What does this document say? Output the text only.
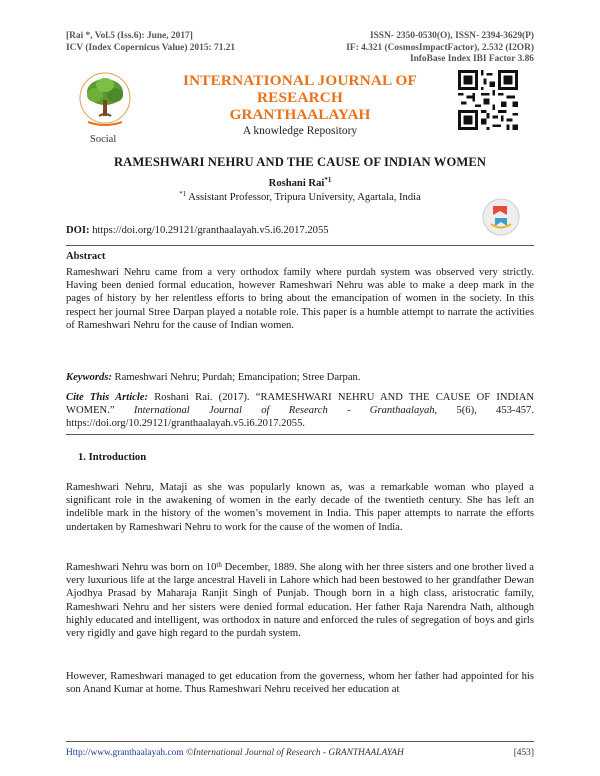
[Rai *, Vol.5 (Iss.6): June, 2017]
ICV (Index Copernicus Value) 2015: 71.21
ISSN- 2350-0530(O), ISSN- 2394-3629(P)
IF: 4.321 (CosmosImpactFactor), 2.532 (I2OR)
InfoBase Index IBI Factor 3.86
Social
INTERNATIONAL JOURNAL OF RESEARCH
GRANTHAALAYAH
A knowledge Repository
RAMESHWARI NEHRU AND THE CAUSE OF INDIAN WOMEN
Roshani Rai$^{*1}$
$^{*1}$ Assistant Professor, Tripura University, Agartala, India
DOI: https://doi.org/10.29121/granthaalayah.v5.i6.2017.2055
Abstract
Rameshwari Nehru came from a very orthodox family where purdah system was observed very strictly. Having been denied formal education, however Rameshwari Nehru was able to make a deep mark in the pages of history by her relentless efforts to bring about the emancipation of women in the society. In this respect her journal Stree Darpan played a notable role. This paper is a humble attempt to narrate the activities of Rameshwari Nehru for the cause of Indian women.
Keywords: Rameshwari Nehru; Purdah; Emancipation; Stree Darpan.
Cite This Article: Roshani Rai. (2017). “RAMESHWARI NEHRU AND THE CAUSE OF INDIAN WOMEN.” International Journal of Research - Granthaalayah, 5(6), 453-457. https://doi.org/10.29121/granthaalayah.v5.i6.2017.2055.
1. Introduction
Rameshwari Nehru, Mataji as she was popularly known as, was a remarkable woman who played a significant role in the awakening of women in the early decade of the twentieth century. She has left an indelible mark in the history of the women’s movement in India. This paper attempts to narrate the efforts undertaken by Rameshwari Nehru to work for the cause of the women of India.
Rameshwari Nehru was born on 10th December, 1889. She along with her three sisters and one brother lived a very luxurious life at the large ancestral Haveli in Lahore which had been bestowed to her grandfather Dewan Ajodhya Prasad by Maharaja Ranjit Singh of Punjab. Though born in a high class, aristocratic family, Rameshwari Nehru and her sisters were denied formal education. Her father Raja Narendra Nath, although highly educated and intelligent, was orthodox in nature and enforced the rules of segregation of boys and girls very rigidly and gave high regard to the purdah system.
However, Rameshwari managed to get education from the governess, whom her father had appointed for his son Anand Kumar at home. Thus Rameshwari Nehru received her education at
Http://www.granthaalayah.com ©International Journal of Research - GRANTHAALAYAH	[453]
